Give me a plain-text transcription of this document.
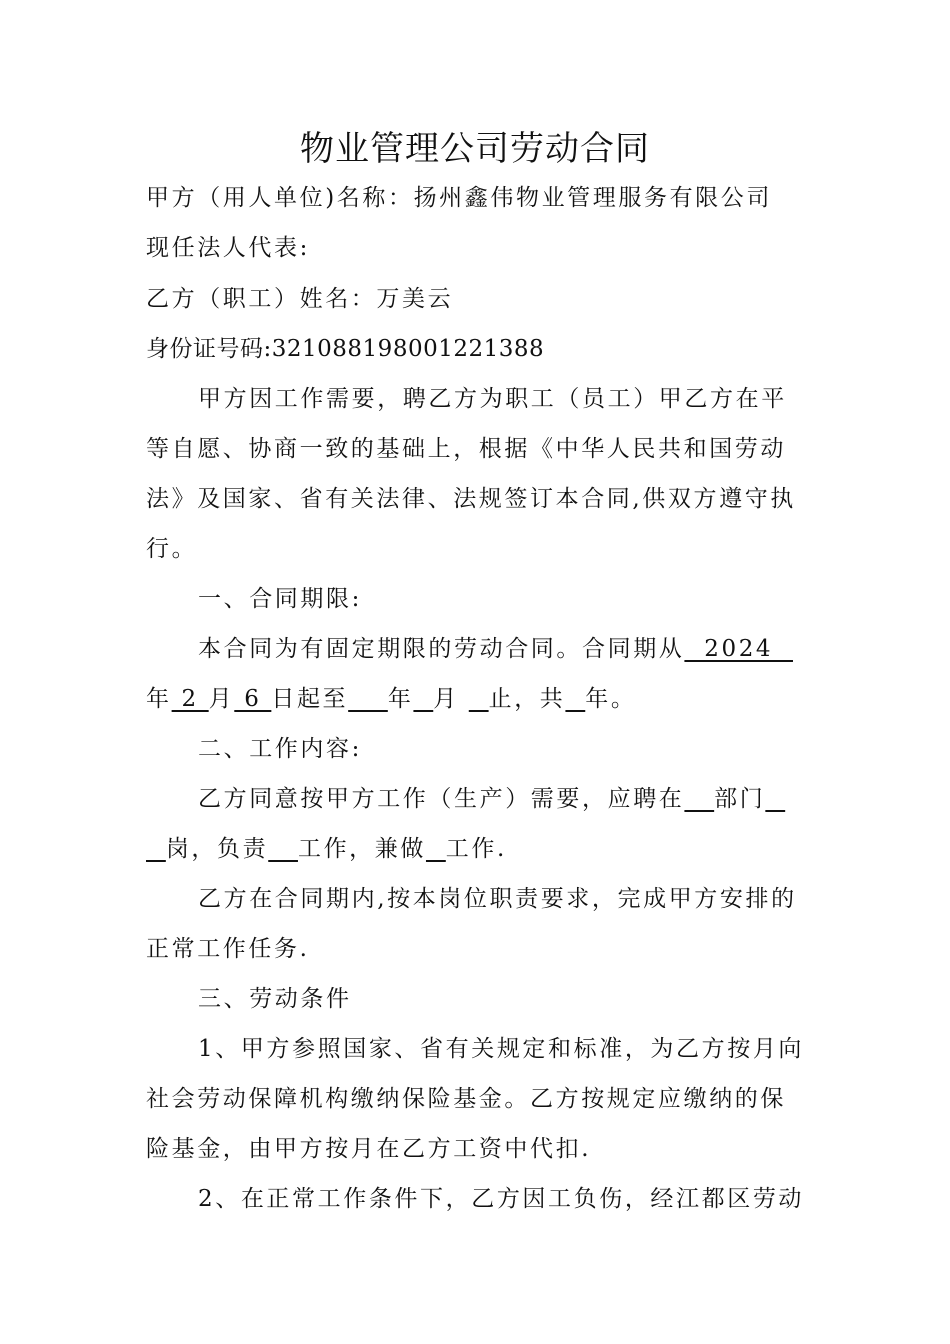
物业管理公司劳动合同
甲方（用人单位)名称：扬州鑫伟物业管理服务有限公司
现任法人代表:
乙方（职工）姓名：万美云
身份证号码:321088198001221388
甲方因工作需要，聘乙方为职工（员工）甲乙方在平
等自愿、协商一致的基础上，根据《中华人民共和国劳动
法》及国家、省有关法律、法规签订本合同,供双方遵守执
行。
一、合同期限:
本合同为有固定期限的劳动合同。合同期从  2024
年 2 月 6 日起至 年 月 止，共 年。
二、工作内容:
乙方同意按甲方工作（生产）需要，应聘在 部门
岗，负责 工作，兼做 工作.
乙方在合同期内,按本岗位职责要求，完成甲方安排的
正常工作任务.
三、劳动条件
1、甲方参照国家、省有关规定和标准，为乙方按月向
社会劳动保障机构缴纳保险基金。乙方按规定应缴纳的保
险基金，由甲方按月在乙方工资中代扣.
2、在正常工作条件下，乙方因工负伤，经江都区劳动
